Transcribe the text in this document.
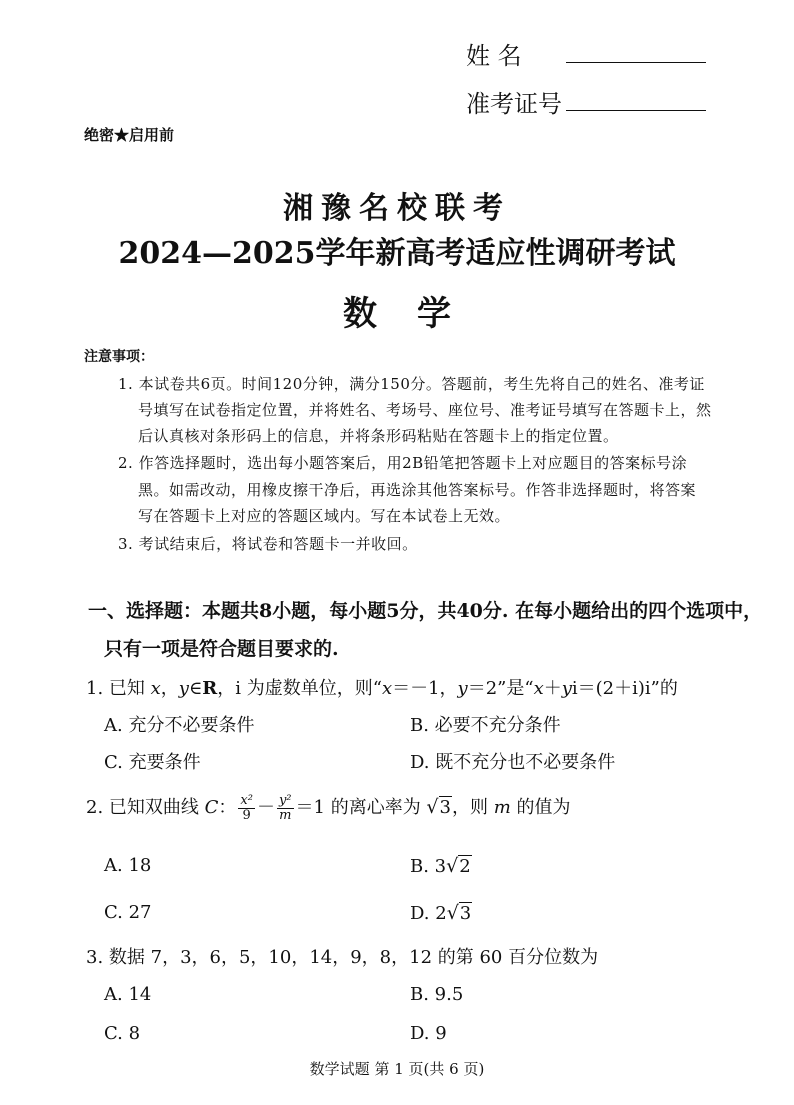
姓 名
准考证号
绝密★启用前
湘豫名校联考
2024—2025学年新高考适应性调研考试
数学
注意事项：
1. 本试卷共6页。时间120分钟，满分150分。答题前，考生先将自己的姓名、准考证
号填写在试卷指定位置，并将姓名、考场号、座位号、准考证号填写在答题卡上，然
后认真核对条形码上的信息，并将条形码粘贴在答题卡上的指定位置。
2. 作答选择题时，选出每小题答案后，用2B铅笔把答题卡上对应题目的答案标号涂
黑。如需改动，用橡皮擦干净后，再选涂其他答案标号。作答非选择题时，将答案
写在答题卡上对应的答题区域内。写在本试卷上无效。
3. 考试结束后，将试卷和答题卡一并收回。
一、选择题：本题共8小题，每小题5分，共40分. 在每小题给出的四个选项中，
只有一项是符合题目要求的.
1. 已知 x，y∈R，i 为虚数单位，则“x＝－1，y＝2”是“x＋yi＝(2＋i)i”的
A. 充分不必要条件	B. 必要不充分条件
C. 充要条件	D. 既不充分也不必要条件
2. 已知双曲线 C： $\frac{\text{x²}}{9} - \frac{\text{y²}}{m} =1$ 的离心率为 √3，则 m 的值为
A. 18	B. 3√2
C. 27	D. 2√3
3. 数据 7，3，6，5，10，14，9，8，12 的第 60 百分位数为
A. 14	B. 9.5
C. 8	D. 9
数学试题 第 1 页(共 6 页)
